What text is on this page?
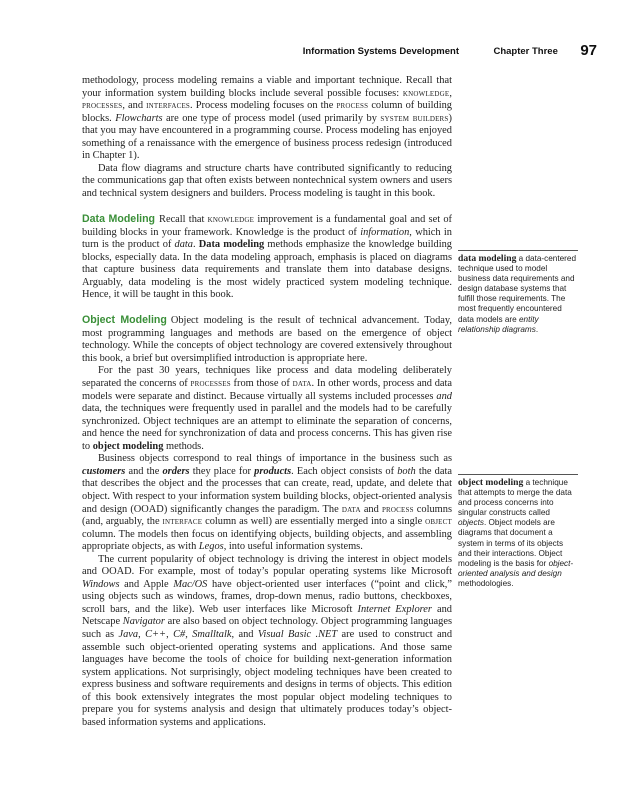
Information Systems Development	Chapter Three 97

methodology, process modeling remains a viable and important technique. Recall that your information system building blocks include several possible focuses: knowledge, processes, and interfaces. Process modeling focuses on the process column of building blocks. Flowcharts are one type of process model (used primarily by system builders) that you may have encountered in a programming course. Process modeling has enjoyed something of a renaissance with the emergence of business process redesign (introduced in Chapter 1).

Data flow diagrams and structure charts have contributed significantly to reducing the communications gap that often exists between nontechnical system owners and users and technical system designers and builders. Process modeling is taught in this book.

Data Modeling Recall that knowledge improvement is a fundamental goal and set of building blocks in your framework. Knowledge is the product of information, which in turn is the product of data. Data modeling methods emphasize the knowledge building blocks, especially data. In the data modeling approach, emphasis is placed on diagrams that capture business data requirements and translate them into database designs. Arguably, data modeling is the most widely practiced system modeling technique. Hence, it will be taught in this book.

Object Modeling Object modeling is the result of technical advancement. Today, most programming languages and methods are based on the emergence of object technology. While the concepts of object technology are covered extensively throughout this book, a brief but oversimplified introduction is appropriate here.

For the past 30 years, techniques like process and data modeling deliberately separated the concerns of processes from those of data. In other words, process and data models were separate and distinct. Because virtually all systems included processes and data, the techniques were frequently used in parallel and the models had to be carefully synchronized. Object techniques are an attempt to eliminate the separation of concerns, and hence the need for synchronization of data and process concerns. This has given rise to object modeling methods.

Business objects correspond to real things of importance in the business such as customers and the orders they place for products. Each object consists of both the data that describes the object and the processes that can create, read, update, and delete that object. With respect to your information system building blocks, object-oriented analysis and design (OOAD) significantly changes the paradigm. The data and process columns (and, arguably, the interface column as well) are essentially merged into a single object column. The models then focus on identifying objects, building objects, and assembling appropriate objects, as with Legos, into useful information systems.

The current popularity of object technology is driving the interest in object models and OOAD. For example, most of today’s popular operating systems like Microsoft Windows and Apple Mac/OS have object-oriented user interfaces (“point and click,” using objects such as windows, frames, drop-down menus, radio buttons, checkboxes, scroll bars, and the like). Web user interfaces like Microsoft Internet Explorer and Netscape Navigator are also based on object technology. Object programming languages such as Java, C++, C#, Smalltalk, and Visual Basic .NET are used to construct and assemble such object-oriented operating systems and applications. And those same languages have become the tools of choice for building next-generation information system applications. Not surprisingly, object modeling techniques have been created to express business and software requirements and designs in terms of objects. This edition of this book extensively integrates the most popular object modeling techniques to prepare you for systems analysis and design that ultimately produces today’s object-based information systems and applications.

data modeling a data-centered technique used to model business data requirements and design database systems that fulfill those requirements. The most frequently encountered data models are entity relationship diagrams.
object modeling a technique that attempts to merge the data and process concerns into singular constructs called objects. Object models are diagrams that document a system in terms of its objects and their interactions. Object modeling is the basis for object-oriented analysis and design methodologies.
